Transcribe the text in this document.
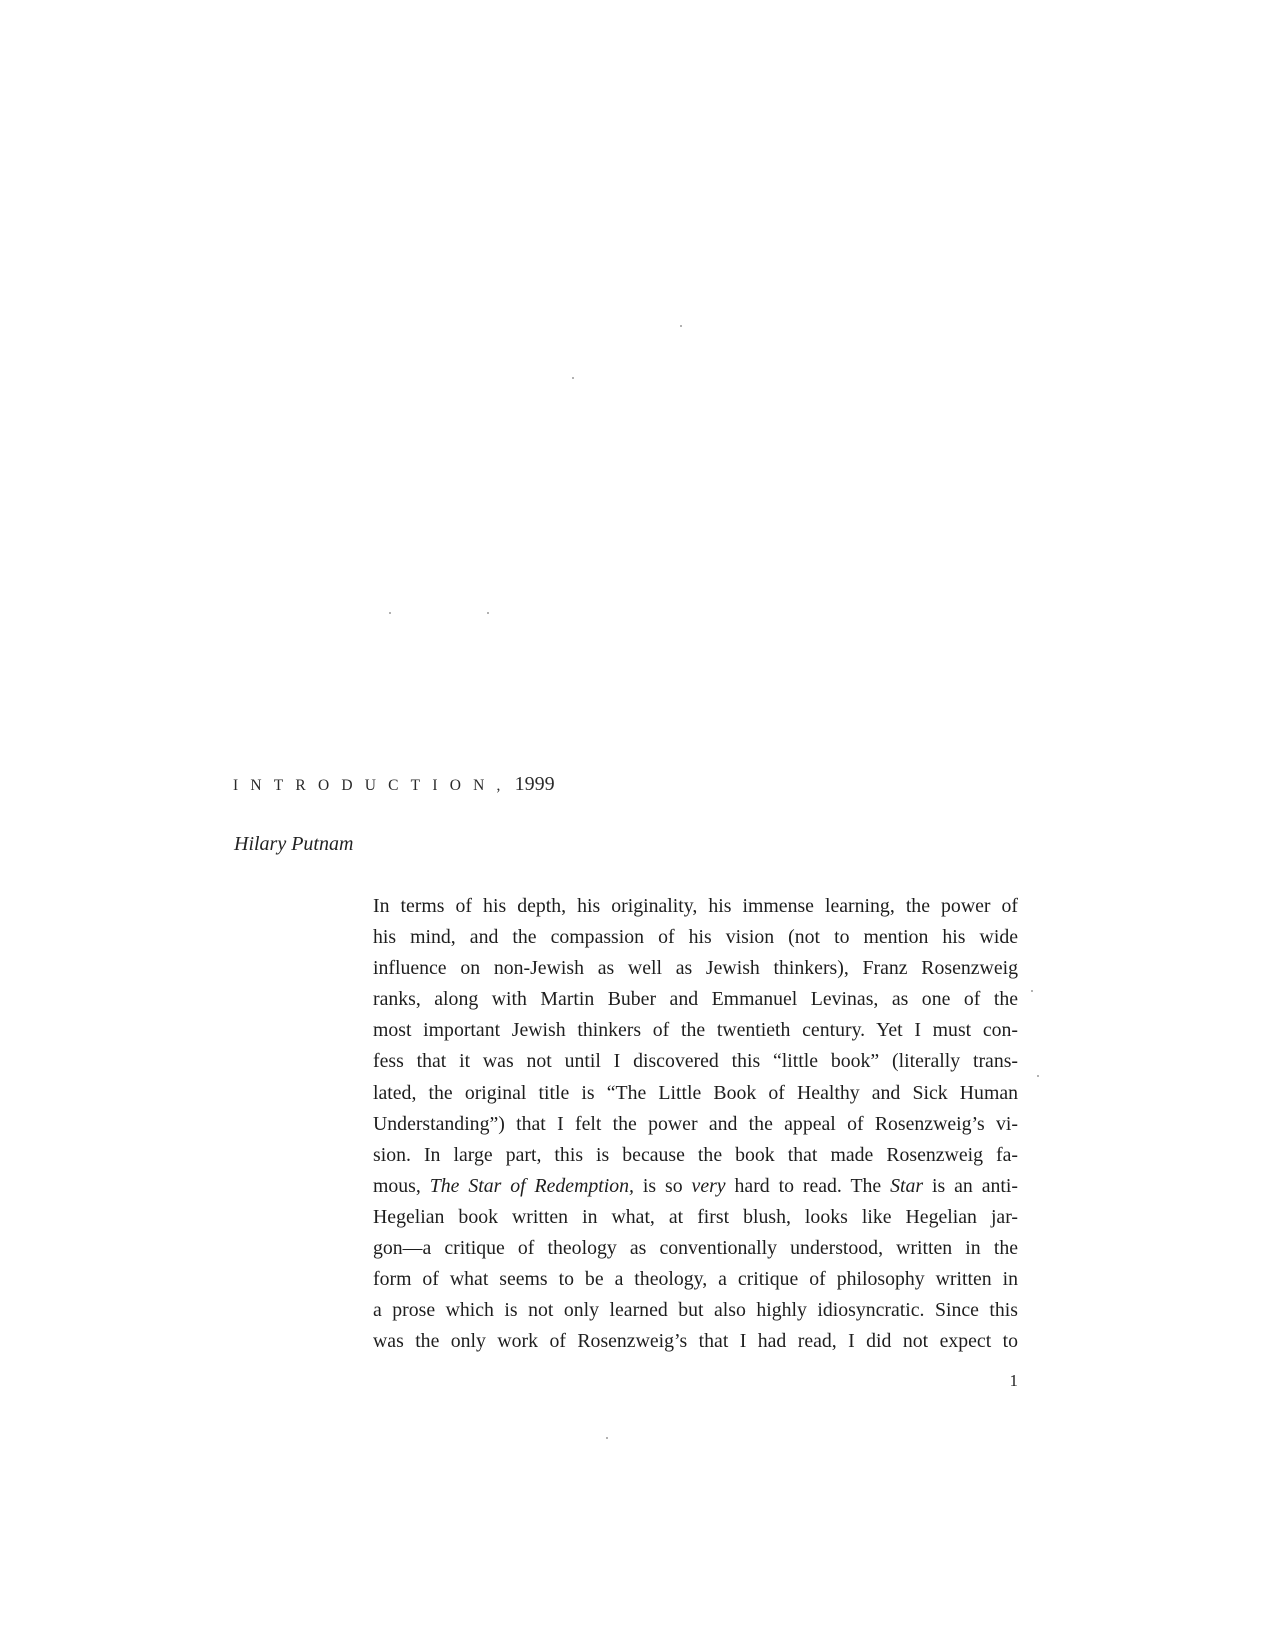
INTRODUCTION, 1999
Hilary Putnam
In terms of his depth, his originality, his immense learning, the power of
his mind, and the compassion of his vision (not to mention his wide
influence on non-Jewish as well as Jewish thinkers), Franz Rosenzweig
ranks, along with Martin Buber and Emmanuel Levinas, as one of the
most important Jewish thinkers of the twentieth century. Yet I must con-
fess that it was not until I discovered this “little book” (literally trans-
lated, the original title is “The Little Book of Healthy and Sick Human
Understanding”) that I felt the power and the appeal of Rosenzweig’s vi-
sion. In large part, this is because the book that made Rosenzweig fa-
mous, The Star of Redemption, is so very hard to read. The Star is an anti-
Hegelian book written in what, at first blush, looks like Hegelian jar-
gon—a critique of theology as conventionally understood, written in the
form of what seems to be a theology, a critique of philosophy written in
a prose which is not only learned but also highly idiosyncratic. Since this
was the only work of Rosenzweig’s that I had read, I did not expect to
1
